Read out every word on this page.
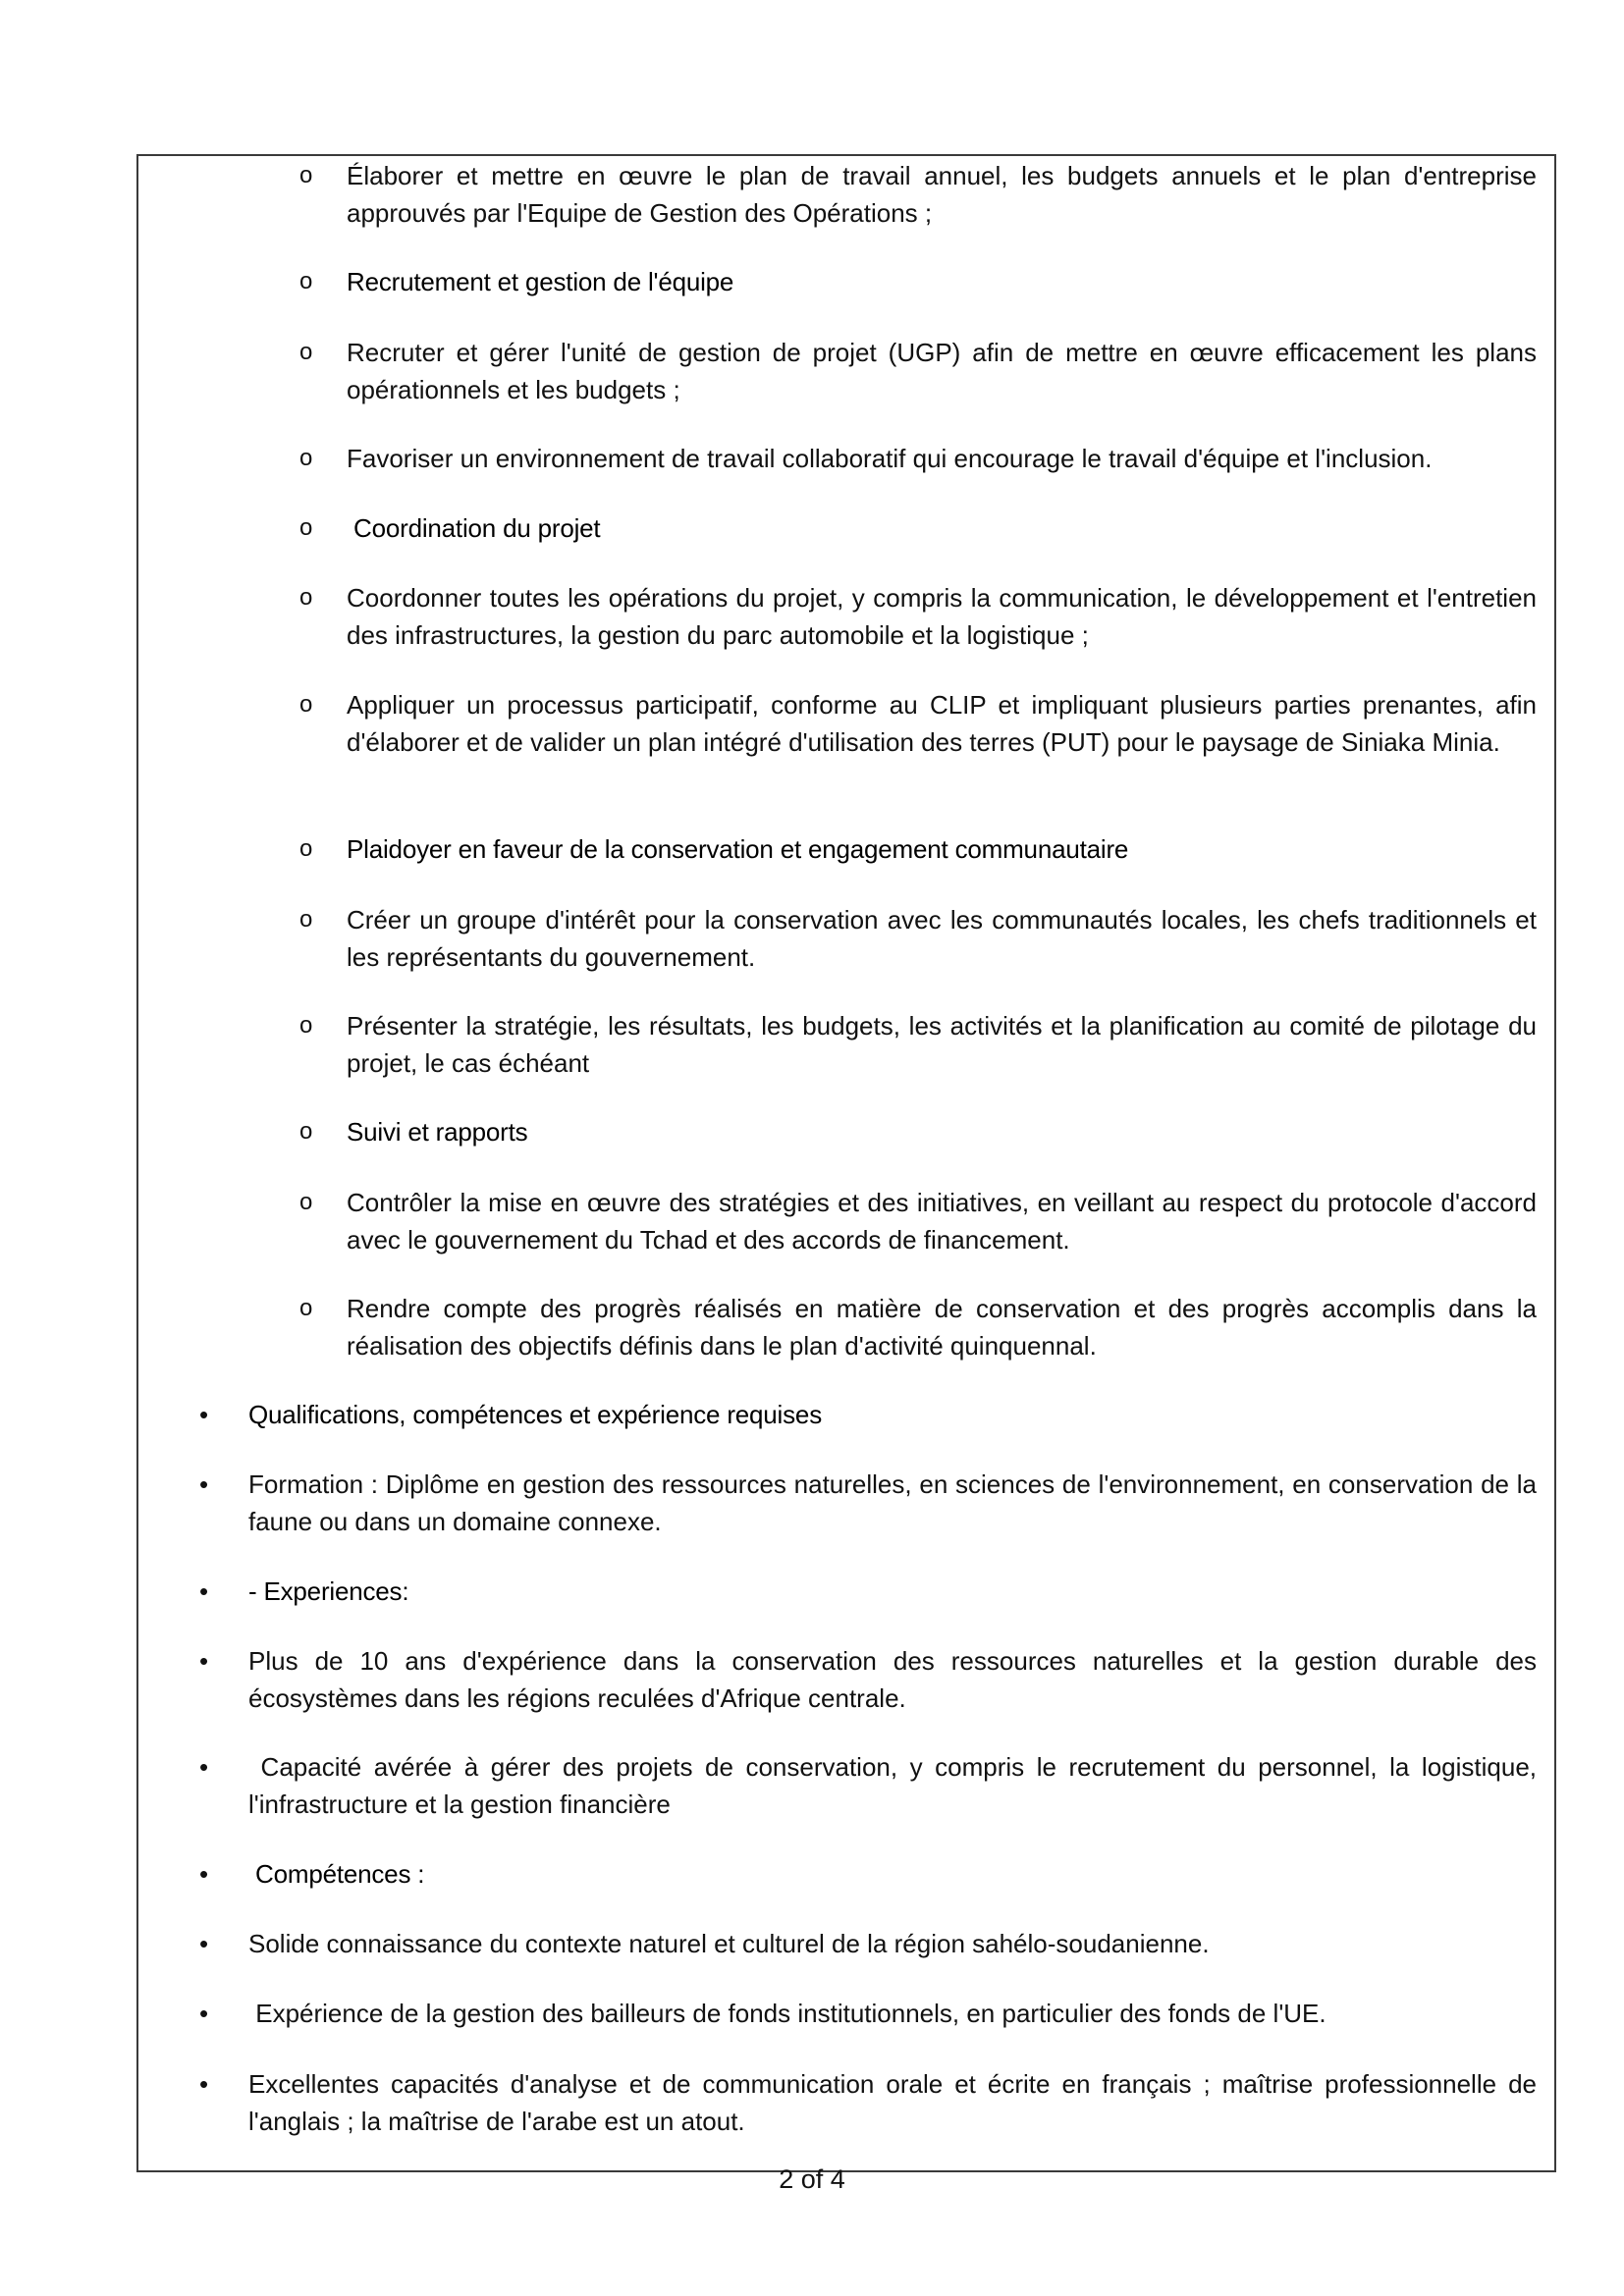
o Élaborer et mettre en œuvre le plan de travail annuel, les budgets annuels et le plan d'entreprise approuvés par l'Equipe de Gestion des Opérations ;
o Recrutement et gestion de l'équipe
o Recruter et gérer l'unité de gestion de projet (UGP) afin de mettre en œuvre efficacement les plans opérationnels et les budgets ;
o Favoriser un environnement de travail collaboratif qui encourage le travail d'équipe et l'inclusion.
o Coordination du projet
o Coordonner toutes les opérations du projet, y compris la communication, le développement et l'entretien des infrastructures, la gestion du parc automobile et la logistique ;
o Appliquer un processus participatif, conforme au CLIP et impliquant plusieurs parties prenantes, afin d'élaborer et de valider un plan intégré d'utilisation des terres (PUT) pour le paysage de Siniaka Minia.
o Plaidoyer en faveur de la conservation et engagement communautaire
o Créer un groupe d'intérêt pour la conservation avec les communautés locales, les chefs traditionnels et les représentants du gouvernement.
o Présenter la stratégie, les résultats, les budgets, les activités et la planification au comité de pilotage du projet, le cas échéant
o Suivi et rapports
o Contrôler la mise en œuvre des stratégies et des initiatives, en veillant au respect du protocole d'accord avec le gouvernement du Tchad et des accords de financement.
o Rendre compte des progrès réalisés en matière de conservation et des progrès accomplis dans la réalisation des objectifs définis dans le plan d'activité quinquennal.
• Qualifications, compétences et expérience requises
• Formation : Diplôme en gestion des ressources naturelles, en sciences de l'environnement, en conservation de la faune ou dans un domaine connexe.
• - Experiences:
• Plus de 10 ans d'expérience dans la conservation des ressources naturelles et la gestion durable des écosystèmes dans les régions reculées d'Afrique centrale.
• Capacité avérée à gérer des projets de conservation, y compris le recrutement du personnel, la logistique, l'infrastructure et la gestion financière
• Compétences :
• Solide connaissance du contexte naturel et culturel de la région sahélo-soudanienne.
• Expérience de la gestion des bailleurs de fonds institutionnels, en particulier des fonds de l'UE.
• Excellentes capacités d'analyse et de communication orale et écrite en français ; maîtrise professionnelle de l'anglais ; la maîtrise de l'arabe est un atout.
2 of 4
